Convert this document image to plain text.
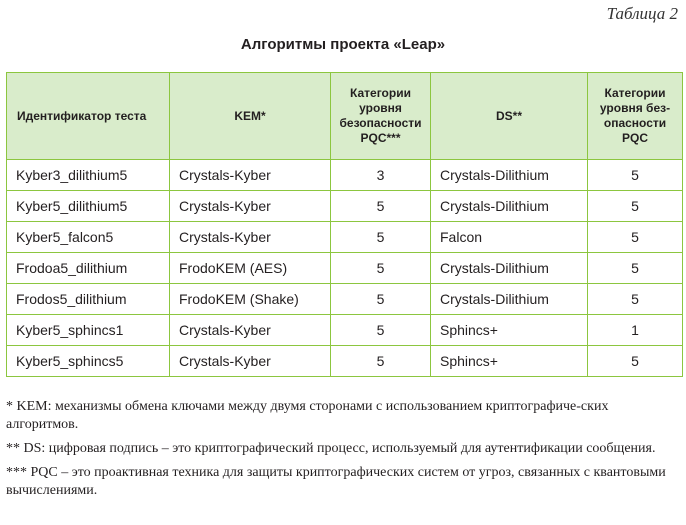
Таблица 2
Алгоритмы проекта «Leap»
Идентификатор теста	KEM*	Категории уровня безопасности PQC***	DS**	Категории уровня без-опасности PQC
Kyber3_dilithium5	Crystals-Kyber	3	Crystals-Dilithium	5
Kyber5_dilithium5	Crystals-Kyber	5	Crystals-Dilithium	5
Kyber5_falcon5	Crystals-Kyber	5	Falcon	5
Frodoa5_dilithium	FrodoKEM (AES)	5	Crystals-Dilithium	5
Frodos5_dilithium	FrodoKEM (Shake)	5	Crystals-Dilithium	5
Kyber5_sphincs1	Crystals-Kyber	5	Sphincs+	1
Kyber5_sphincs5	Crystals-Kyber	5	Sphincs+	5

* KEM: механизмы обмена ключами между двумя сторонами с использованием криптографиче-ских алгоритмов.

** DS: цифровая подпись – это криптографический процесс, используемый для аутентификации сообщения.

*** PQC – это проактивная техника для защиты криптографических систем от угроз, связанных с квантовыми вычислениями.
